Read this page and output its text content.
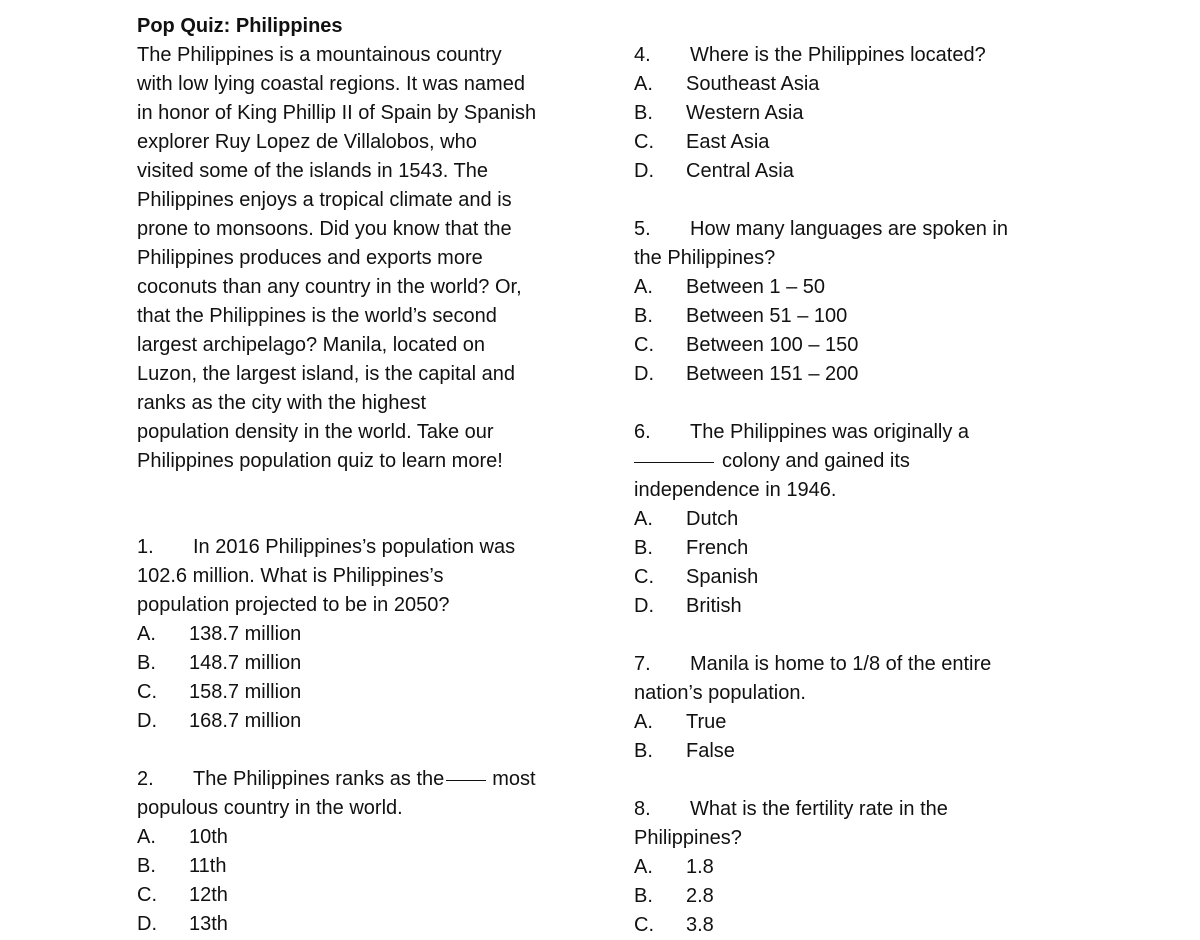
Pop Quiz: Philippines
The Philippines is a mountainous country
with low lying coastal regions. It was named
in honor of King Phillip II of Spain by Spanish
explorer Ruy Lopez de Villalobos, who
visited some of the islands in 1543. The
Philippines enjoys a tropical climate and is
prone to monsoons. Did you know that the
Philippines produces and exports more
coconuts than any country in the world? Or,
that the Philippines is the world’s second
largest archipelago? Manila, located on
Luzon, the largest island, is the capital and
ranks as the city with the highest
population density in the world. Take our
Philippines population quiz to learn more!
1. In 2016 Philippines’s population was
102.6 million. What is Philippines’s
population projected to be in 2050?
A.	138.7 million
B.	148.7 million
C.	158.7 million
D.	168.7 million
2. The Philippines ranks as the most
populous country in the world.
A.	10th
B.	11th
C.	12th
D.	13th
4. Where is the Philippines located?
A.	Southeast Asia
B.	Western Asia
C.	East Asia
D.	Central Asia
5. How many languages are spoken in
the Philippines?
A.	Between 1 – 50
B.	Between 51 – 100
C.	Between 100 – 150
D.	Between 151 – 200
6. The Philippines was originally a
colony and gained its
independence in 1946.
A.	Dutch
B.	French
C.	Spanish
D.	British
7. Manila is home to 1/8 of the entire
nation’s population.
A.	True
B.	False
8. What is the fertility rate in the
Philippines?
A.	1.8
B.	2.8
C.	3.8
